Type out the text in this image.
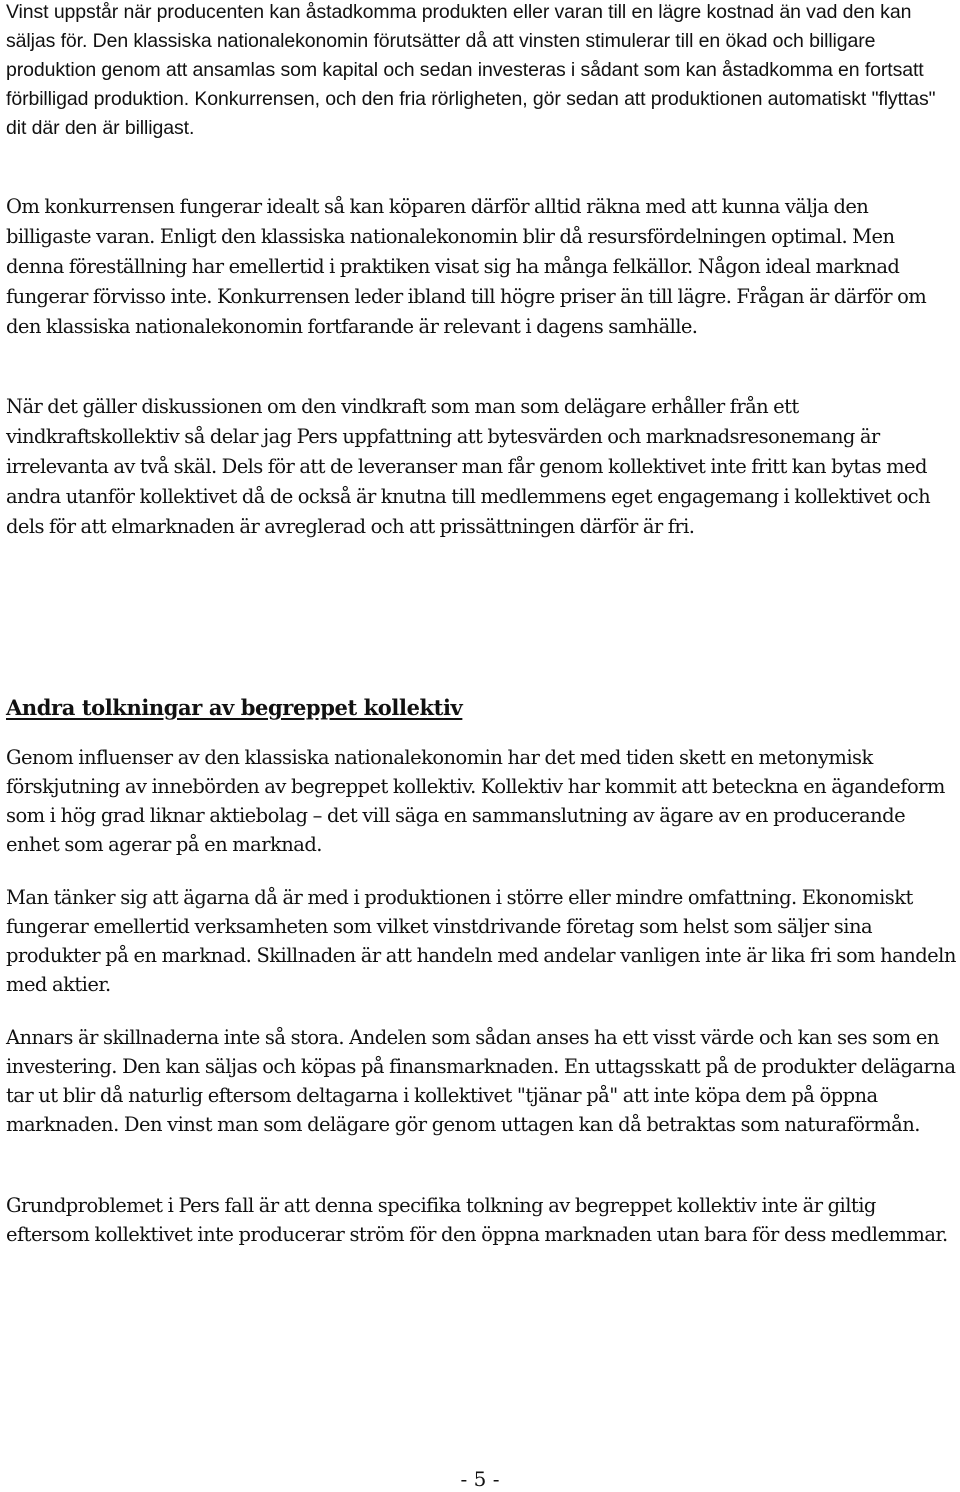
Vinst uppstår när producenten kan åstadkomma produkten eller varan till en lägre kostnad än vad den kan säljas för. Den klassiska nationalekonomin förutsätter då att vinsten stimulerar till en ökad och billigare produktion genom att ansamlas som kapital och sedan investeras i sådant som kan åstadkomma en fortsatt förbilligad produktion. Konkurrensen, och den fria rörligheten, gör sedan att produktionen automatiskt "flyttas" dit där den är billigast.

Om konkurrensen fungerar idealt så kan köparen därför alltid räkna med att kunna välja den billigaste varan. Enligt den klassiska nationalekonomin blir då resursfördelningen optimal. Men denna föreställning har emellertid i praktiken visat sig ha många felkällor. Någon ideal marknad fungerar förvisso inte. Konkurrensen leder ibland till högre priser än till lägre. Frågan är därför om den klassiska nationalekonomin fortfarande är relevant i dagens samhälle.

När det gäller diskussionen om den vindkraft som man som delägare erhåller från ett vindkraftskollektiv så delar jag Pers uppfattning att bytesvärden och marknadsresonemang är irrelevanta av två skäl. Dels för att de leveranser man får genom kollektivet inte fritt kan bytas med andra utanför kollektivet då de också är knutna till medlemmens eget engagemang i kollektivet och dels för att elmarknaden är avreglerad och att prissättningen därför är fri.

Andra tolkningar av begreppet kollektiv

Genom influenser av den klassiska nationalekonomin har det med tiden skett en metonymisk förskjutning av innebörden av begreppet kollektiv. Kollektiv har kommit att beteckna en ägandeform som i hög grad liknar aktiebolag – det vill säga en sammanslutning av ägare av en producerande enhet som agerar på en marknad.

Man tänker sig att ägarna då är med i produktionen i större eller mindre omfattning. Ekonomiskt fungerar emellertid verksamheten som vilket vinstdrivande företag som helst som säljer sina produkter på en marknad. Skillnaden är att handeln med andelar vanligen inte är lika fri som handeln med aktier.

Annars är skillnaderna inte så stora. Andelen som sådan anses ha ett visst värde och kan ses som en investering. Den kan säljas och köpas på finansmarknaden. En uttagsskatt på de produkter delägarna tar ut blir då naturlig eftersom deltagarna i kollektivet "tjänar på" att inte köpa dem på öppna marknaden. Den vinst man som delägare gör genom uttagen kan då betraktas som naturaförmån.

Grundproblemet i Pers fall är att denna specifika tolkning av begreppet kollektiv inte är giltig eftersom kollektivet inte producerar ström för den öppna marknaden utan bara för dess medlemmar.

- 5 -
